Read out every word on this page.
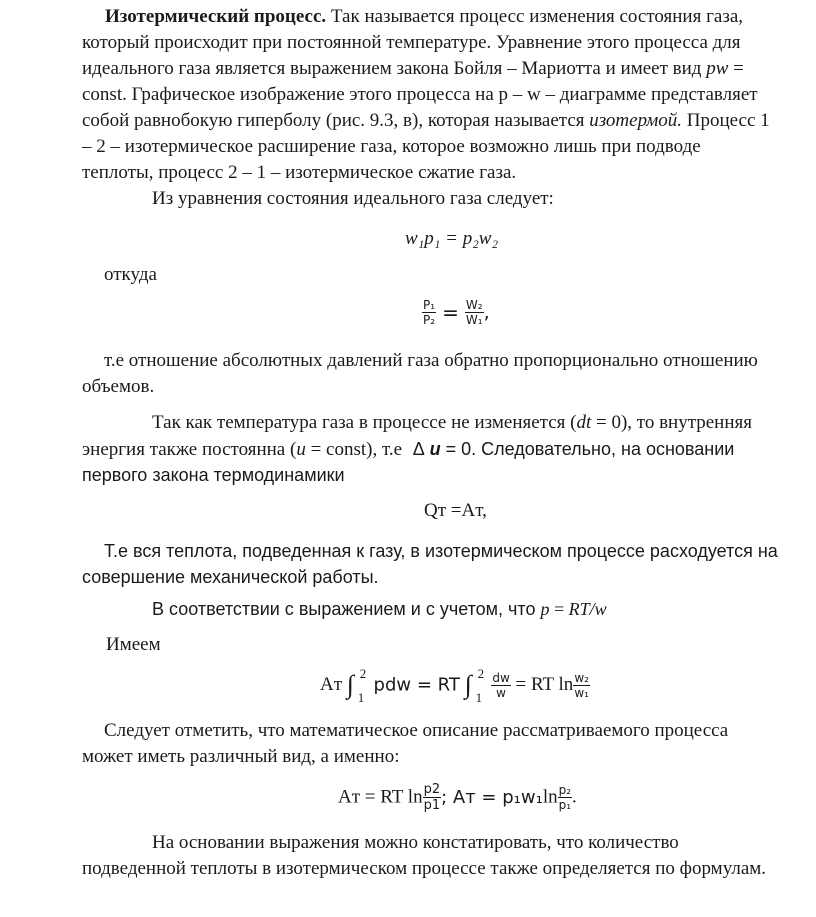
Изотермический процесс. Так называется процесс изменения состояния газа,
который происходит при постоянной температуре. Уравнение этого процесса для
идеального газа является выражением закона Бойля – Мариотта и имеет вид pw =
const. Графическое изображение этого процесса на p – w – диаграмме представляет
собой равнобокую гиперболу (рис. 9.3, в), которая называется изотермой. Процесс 1
– 2 – изотермическое расширение газа, которое возможно лишь при подводе
теплоты, процесс 2 – 1 – изотермическое сжатие газа.
Из уравнения состояния идеального газа следует:
w₁p₁ = p₂w₂
откуда
$\frac{\text{P₁}}{\text{P₂}} = \frac{\text{W₂}}{\text{W₁}}$ ,
т.е отношение абсолютных давлений газа обратно пропорционально отношению
объемов.
Так как температура газа в процессе не изменяется (dt = 0), то внутренняя
энергия также постоянна (u = const), т.е Δ u = 0. Следовательно, на основании
первого закона термодинамики
Qт =Aт,
Т.е вся теплота, подведенная к газу, в изотермическом процессе расходуется на
совершение механической работы.
В соответствии с выражением и с учетом, что p = RT/w
Имеем
Aт ∫ 2
1
pdw = RT ∫ 2
1
$\frac{dw}{w}$ = RT $\ln \frac{\text{w₂}}{\text{w₁}}$
Следует отметить, что математическое описание рассматриваемого процесса
может иметь различный вид, а именно:
Aт = RT $\ln \frac{p2}{p1}$ ; Aт = $p_1w_1\ln \frac{\text{p₂}}{\text{p₁}}$ .
На основании выражения можно констатировать, что количество
подведенной теплоты в изотермическом процессе также определяется по формулам.
